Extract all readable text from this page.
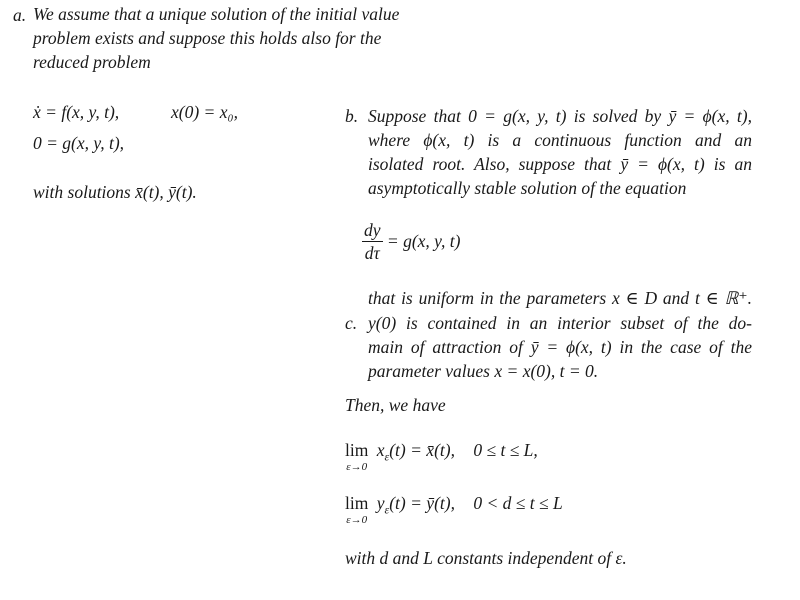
a. We assume that a unique solution of the initial value
problem exists and suppose this holds also for the
reduced problem
ẋ = f(x, y, t),	x(0) = x₀,
0 = g(x, y, t),
with solutions x̄(t), ȳ(t).
b. Suppose that 0 = g(x, y, t) is solved by ȳ = ϕ(x, t),
where ϕ(x, t) is a continuous function and an
isolated root. Also, suppose that ȳ = ϕ(x, t) is an
asymptotically stable solution of the equation
$\frac{dy}{d\tau} = g(x$, y, t)
that is uniform in the parameters x ∈ D and t ∈ ℝ⁺.
c. y(0) is contained in an interior subset of the do-
main of attraction of ȳ = ϕ(x, t) in the case of the
parameter values x = x(0), t = 0.
Then, we have
lim
ε→0
$x_\varepsilon(t)$ = x̄(t), 0 ≤ t ≤ L,
lim
ε→0
$y_\varepsilon(t)$ = ȳ(t), 0 < d ≤ t ≤ L
with d and L constants independent of ε.
